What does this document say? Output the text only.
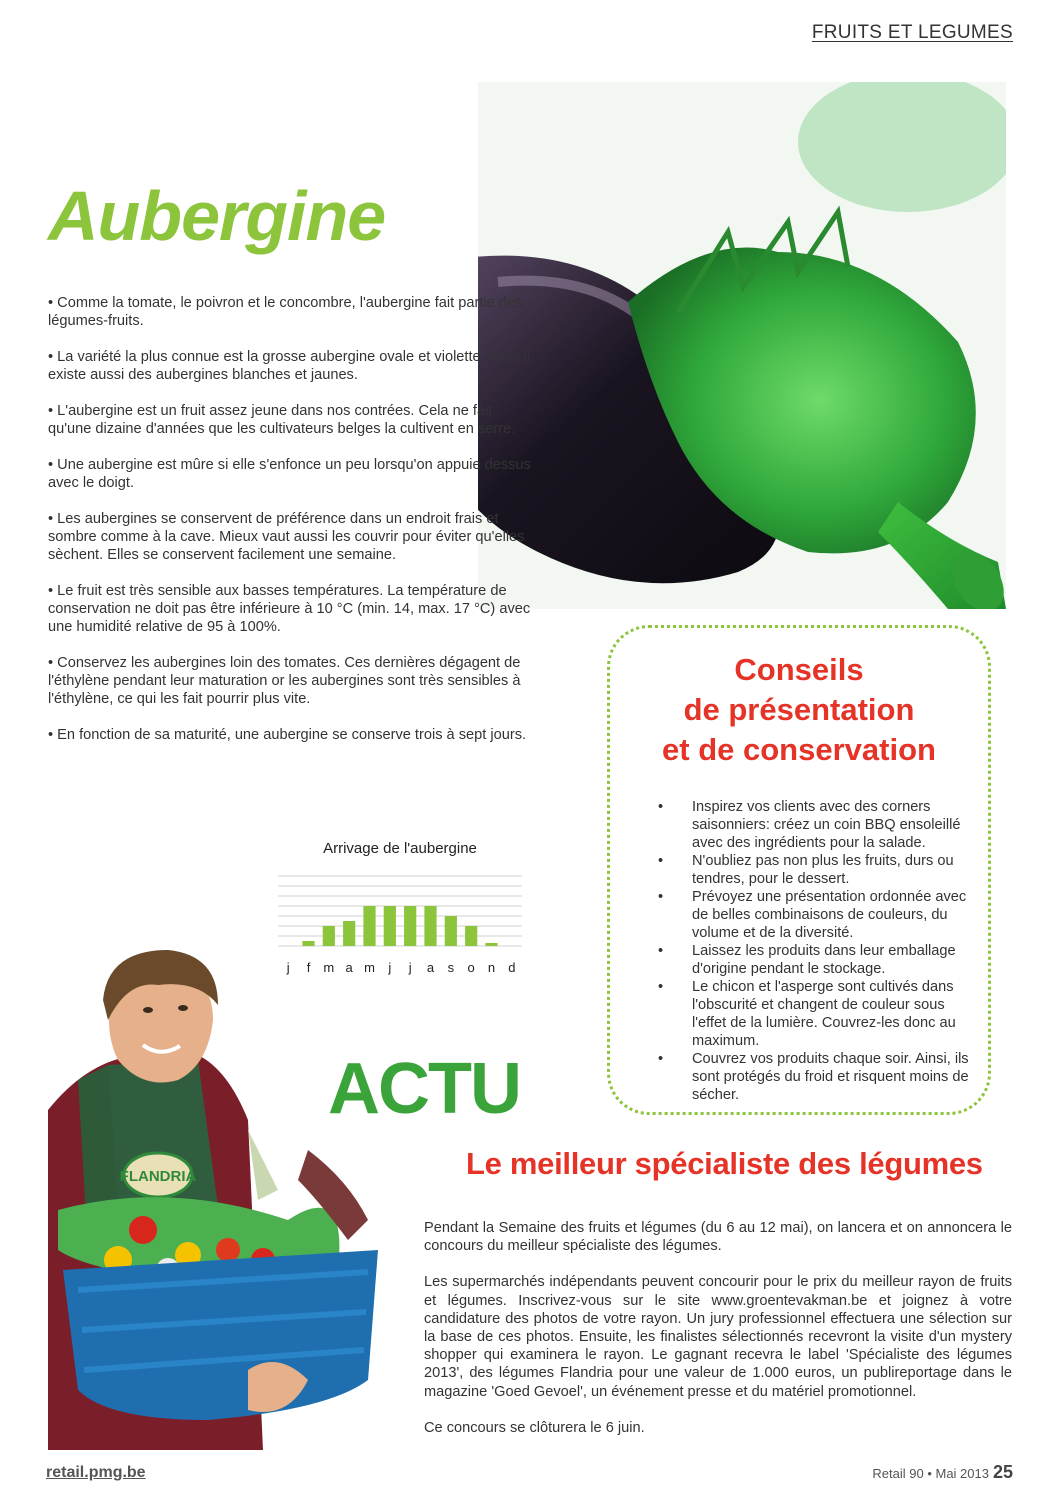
FRUITS ET LEGUMES
Aubergine

• Comme la tomate, le poivron et le concombre, l'aubergine fait partie des légumes-fruits.

• La variété la plus connue est la grosse aubergine ovale et violette, mais il existe aussi des aubergines blanches et jaunes.

• L'aubergine est un fruit assez jeune dans nos contrées. Cela ne fait qu'une dizaine d'années que les cultivateurs belges la cultivent en serre.

• Une aubergine est mûre si elle s'enfonce un peu lorsqu'on appuie dessus avec le doigt.

• Les aubergines se conservent de préférence dans un endroit frais et sombre comme à la cave. Mieux vaut aussi les couvrir pour éviter qu'elles sèchent. Elles se conservent facilement une semaine.

• Le fruit est très sensible aux basses températures. La température de conservation ne doit pas être inférieure à 10 °C (min. 14, max. 17 °C) avec une humidité relative de 95 à 100%.

• Conservez les aubergines loin des tomates. Ces dernières dégagent de l'éthylène pendant leur maturation or les aubergines sont très sensibles à l'éthylène, ce qui les fait pourrir plus vite.

• En fonction de sa maturité, une aubergine se conserve trois à sept jours.

Arrivage de l'aubergine
j f m a m j j a s o n d
Conseils
de présentation
et de conservation
• Inspirez vos clients avec des corners saisonniers: créez un coin BBQ ensoleillé avec des ingrédients pour la salade.
• N'oubliez pas non plus les fruits, durs ou tendres, pour le dessert.
• Prévoyez une présentation ordonnée avec de belles combinaisons de couleurs, du volume et de la diversité.
• Laissez les produits dans leur emballage d'origine pendant le stockage.
• Le chicon et l'asperge sont cultivés dans l'obscurité et changent de couleur sous l'effet de la lumière. Couvrez-les donc au maximum.
• Couvrez vos produits chaque soir. Ainsi, ils sont protégés du froid et risquent moins de sécher.
FLANDRIA
ACTU
Le meilleur spécialiste des légumes

Pendant la Semaine des fruits et légumes (du 6 au 12 mai), on lancera et on annoncera le concours du meilleur spécialiste des légumes.

Les supermarchés indépendants peuvent concourir pour le prix du meilleur rayon de fruits et légumes. Inscrivez-vous sur le site www.groentevakman.be et joignez à votre candidature des photos de votre rayon. Un jury professionnel effectuera une sélection sur la base de ces photos. Ensuite, les finalistes sélectionnés recevront la visite d'un mystery shopper qui examinera le rayon. Le gagnant recevra le label 'Spécialiste des légumes 2013', des légumes Flandria pour une valeur de 1.000 euros, un publireportage dans le magazine 'Goed Gevoel', un événement presse et du matériel promotionnel.

Ce concours se clôturera le 6 juin.

retail.pmg.be	Retail 90 • Mai 2013 25
